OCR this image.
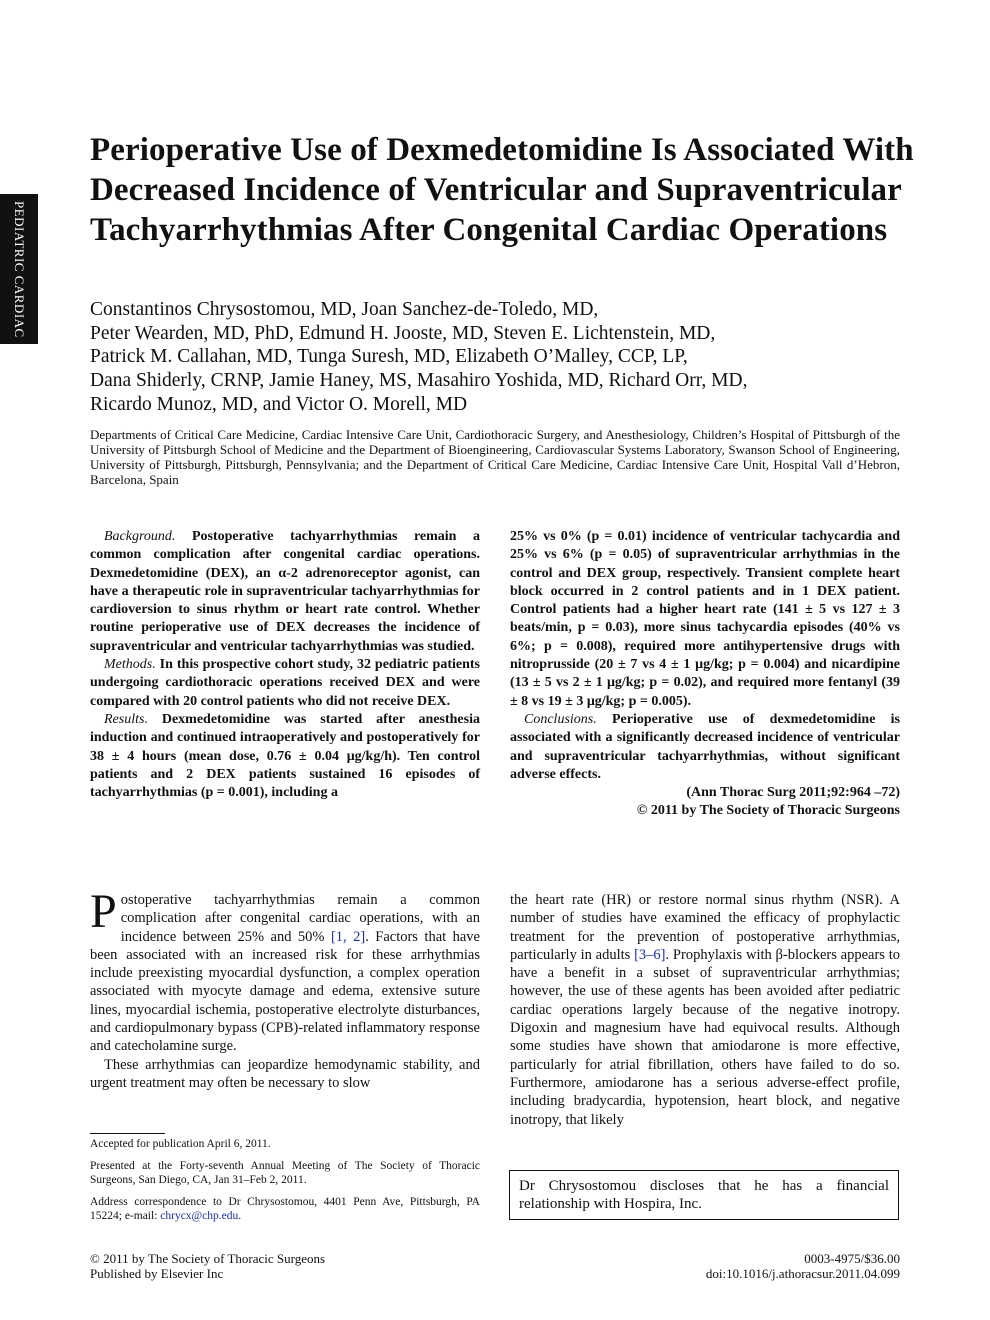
PEDIATRIC CARDIAC
Perioperative Use of Dexmedetomidine Is Associated With Decreased Incidence of Ventricular and Supraventricular Tachyarrhythmias After Congenital Cardiac Operations
Constantinos Chrysostomou, MD, Joan Sanchez-de-Toledo, MD,
Peter Wearden, MD, PhD, Edmund H. Jooste, MD, Steven E. Lichtenstein, MD,
Patrick M. Callahan, MD, Tunga Suresh, MD, Elizabeth O’Malley, CCP, LP,
Dana Shiderly, CRNP, Jamie Haney, MS, Masahiro Yoshida, MD, Richard Orr, MD,
Ricardo Munoz, MD, and Victor O. Morell, MD

Departments of Critical Care Medicine, Cardiac Intensive Care Unit, Cardiothoracic Surgery, and Anesthesiology, Children’s Hospital of Pittsburgh of the University of Pittsburgh School of Medicine and the Department of Bioengineering, Cardiovascular Systems Laboratory, Swanson School of Engineering, University of Pittsburgh, Pittsburgh, Pennsylvania; and the Department of Critical Care Medicine, Cardiac Intensive Care Unit, Hospital Vall d’Hebron, Barcelona, Spain

Background. Postoperative tachyarrhythmias remain a common complication after congenital cardiac operations. Dexmedetomidine (DEX), an α-2 adrenoreceptor agonist, can have a therapeutic role in supraventricular tachyarrhythmias for cardioversion to sinus rhythm or heart rate control. Whether routine perioperative use of DEX decreases the incidence of supraventricular and ventricular tachyarrhythmias was studied.

Methods. In this prospective cohort study, 32 pediatric patients undergoing cardiothoracic operations received DEX and were compared with 20 control patients who did not receive DEX.

Results. Dexmedetomidine was started after anesthesia induction and continued intraoperatively and postoperatively for 38 ± 4 hours (mean dose, 0.76 ± 0.04 μg/kg/h). Ten control patients and 2 DEX patients sustained 16 episodes of tachyarrhythmias (p = 0.001), including a

25% vs 0% (p = 0.01) incidence of ventricular tachycardia and 25% vs 6% (p = 0.05) of supraventricular arrhythmias in the control and DEX group, respectively. Transient complete heart block occurred in 2 control patients and in 1 DEX patient. Control patients had a higher heart rate (141 ± 5 vs 127 ± 3 beats/min, p = 0.03), more sinus tachycardia episodes (40% vs 6%; p = 0.008), required more antihypertensive drugs with nitroprusside (20 ± 7 vs 4 ± 1 μg/kg; p = 0.004) and nicardipine (13 ± 5 vs 2 ± 1 μg/kg; p = 0.02), and required more fentanyl (39 ± 8 vs 19 ± 3 μg/kg; p = 0.005).

Conclusions. Perioperative use of dexmedetomidine is associated with a significantly decreased incidence of ventricular and supraventricular tachyarrhythmias, without significant adverse effects.

(Ann Thorac Surg 2011;92:964 –72)
© 2011 by The Society of Thoracic Surgeons

Postoperative tachyarrhythmias remain a common complication after congenital cardiac operations, with an incidence between 25% and 50% [1, 2]. Factors that have been associated with an increased risk for these arrhythmias include preexisting myocardial dysfunction, a complex operation associated with myocyte damage and edema, extensive suture lines, myocardial ischemia, postoperative electrolyte disturbances, and cardiopulmonary bypass (CPB)-related inflammatory response and catecholamine surge.

These arrhythmias can jeopardize hemodynamic stability, and urgent treatment may often be necessary to slow

the heart rate (HR) or restore normal sinus rhythm (NSR). A number of studies have examined the efficacy of prophylactic treatment for the prevention of postoperative arrhythmias, particularly in adults [3–6]. Prophylaxis with β-blockers appears to have a benefit in a subset of supraventricular arrhythmias; however, the use of these agents has been avoided after pediatric cardiac operations largely because of the negative inotropy. Digoxin and magnesium have had equivocal results. Although some studies have shown that amiodarone is more effective, particularly for atrial fibrillation, others have failed to do so. Furthermore, amiodarone has a serious adverse-effect profile, including bradycardia, hypotension, heart block, and negative inotropy, that likely

Accepted for publication April 6, 2011.

Presented at the Forty-seventh Annual Meeting of The Society of Thoracic Surgeons, San Diego, CA, Jan 31–Feb 2, 2011.

Address correspondence to Dr Chrysostomou, 4401 Penn Ave, Pittsburgh, PA 15224; e-mail: chrycx@chp.edu.

Dr Chrysostomou discloses that he has a financial relationship with Hospira, Inc.

© 2011 by The Society of Thoracic Surgeons
Published by Elsevier Inc
0003-4975/$36.00
doi:10.1016/j.athoracsur.2011.04.099
